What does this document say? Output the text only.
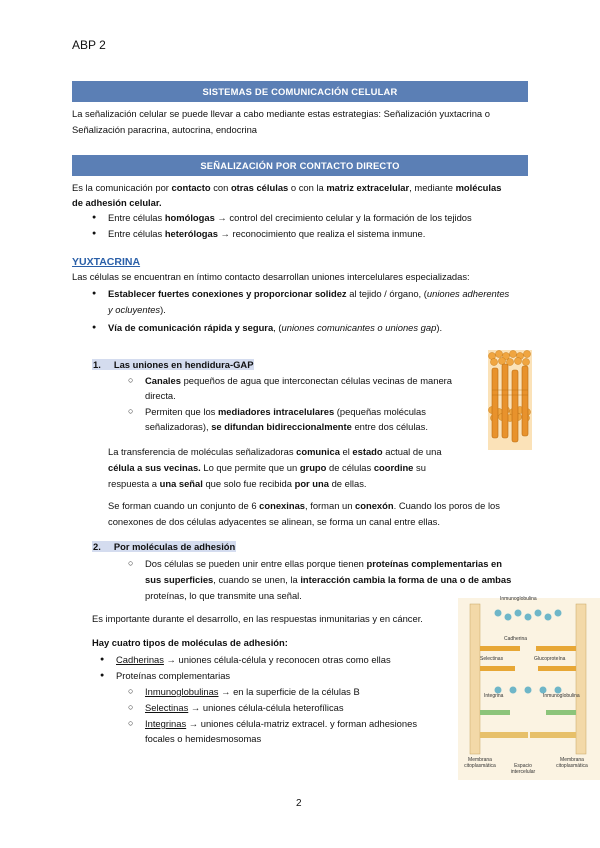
ABP 2
SISTEMAS DE COMUNICACIÓN CELULAR
La señalización celular se puede llevar a cabo mediante estas estrategias: Señalización yuxtacrina o
Señalización paracrina, autocrina, endocrina
SEÑALIZACIÓN POR CONTACTO DIRECTO
Es la comunicación por contacto con otras células o con la matriz extracelular, mediante moléculas
de adhesión celular.
● Entre células homólogas → control del crecimiento celular y la formación de los tejidos
● Entre células heterólogas → reconocimiento que realiza el sistema inmune.
YUXTACRINA
Las células se encuentran en íntimo contacto desarrollan uniones intercelulares especializadas:
● Establecer fuertes conexiones y proporcionar solidez al tejido / órgano, (uniones adherentes
y ocluyentes).
● Vía de comunicación rápida y segura, (uniones comunicantes o uniones gap).
1. Las uniones en hendidura-GAP
○ Canales pequeños de agua que interconectan células vecinas de manera
directa.
○ Permiten que los mediadores intracelulares (pequeñas moléculas
señalizadoras), se difundan bidireccionalmente entre dos células.
La transferencia de moléculas señalizadoras comunica el estado actual de una
célula a sus vecinas. Lo que permite que un grupo de células coordine su
respuesta a una señal que solo fue recibida por una de ellas.
Se forman cuando un conjunto de 6 conexinas, forman un conexón. Cuando los poros de los
conexones de dos células adyacentes se alinean, se forma un canal entre ellas.
2. Por moléculas de adhesión
○ Dos células se pueden unir entre ellas porque tienen proteínas complementarias en
sus superficies, cuando se unen, la interacción cambia la forma de una o de ambas
proteínas, lo que transmite una señal.
Es importante durante el desarrollo, en las respuestas inmunitarias y en cáncer.
Hay cuatro tipos de moléculas de adhesión:
● Cadherinas → uniones célula-célula y reconocen otras como ellas
● Proteínas complementarias
○ Inmunoglobulinas → en la superficie de la células B
○ Selectinas → uniones célula-célula heterofílicas
○ Integrinas → uniones célula-matriz extracel. y forman adhesiones
focales o hemidesmosomas
Inmunoglobulina
Cadherina
Selectinas	Glucoproteína
Integrina	Inmunoglobulina
Membrana citoplasmática	Espacio intercelular
Membrana citoplasmática
2
